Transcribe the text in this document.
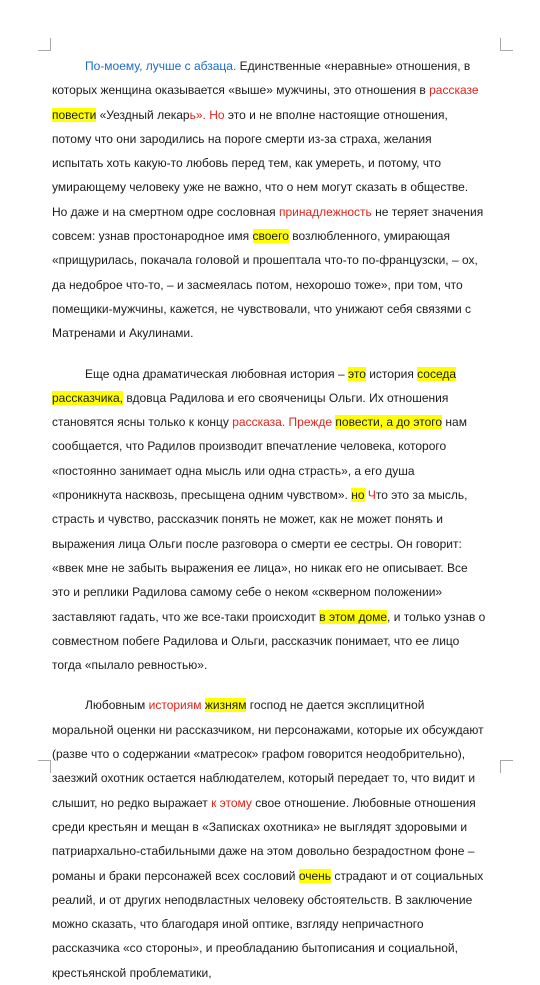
По-моему, лучше с абзаца. Единственные «неравные» отношения, в которых женщина оказывается «выше» мужчины, это отношения в рассказе повести «Уездный лекарь». Но это и не вполне настоящие отношения, потому что они зародились на пороге смерти из-за страха, желания испытать хоть какую-то любовь перед тем, как умереть, и потому, что умирающему человеку уже не важно, что о нем могут сказать в обществе. Но даже и на смертном одре сословная принадлежность не теряет значения совсем: узнав простонародное имя своего возлюбленного, умирающая «прищурилась, покачала головой и прошептала что-то по-французски, – ох, да недоброе что-то, – и засмеялась потом, нехорошо тоже», при том, что помещики-мужчины, кажется, не чувствовали, что унижают себя связями с Матренами и Акулинами.

Еще одна драматическая любовная история – это история соседа рассказчика, вдовца Радилова и его свояченицы Ольги. Их отношения становятся ясны только к концу рассказа. Прежде повести, а до этого нам сообщается, что Радилов производит впечатление человека, которого «постоянно занимает одна мысль или одна страсть», а его душа «проникнута насквозь, пресыщена одним чувством». но Что это за мысль, страсть и чувство, рассказчик понять не может, как не может понять и выражения лица Ольги после разговора о смерти ее сестры. Он говорит: «ввек мне не забыть выражения ее лица», но никак его не описывает. Все это и реплики Радилова самому себе о неком «скверном положении» заставляют гадать, что же все-таки происходит в этом доме, и только узнав о совместном побеге Радилова и Ольги, рассказчик понимает, что ее лицо тогда «пылало ревностью».

Любовным историям жизням господ не дается эксплицитной моральной оценки ни рассказчиком, ни персонажами, которые их обсуждают (разве что о содержании «матресок» графом говорится неодобрительно), заезжий охотник остается наблюдателем, который передает то, что видит и слышит, но редко выражает к этому свое отношение. Любовные отношения среди крестьян и мещан в «Записках охотника» не выглядят здоровыми и патриархально-стабильными даже на этом довольно безрадостном фоне – романы и браки персонажей всех сословий очень страдают и от социальных реалий, и от других неподвластных человеку обстоятельств. В заключение можно сказать, что благодаря иной оптике, взгляду непричастного рассказчика «со стороны», и преобладанию бытописания и социальной, крестьянской проблематики,
